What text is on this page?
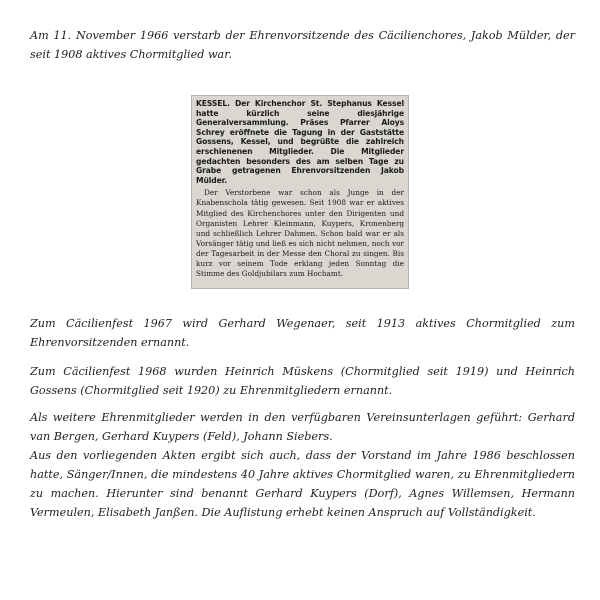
Am 11. November 1966 verstarb der Ehrenvorsitzende des Cäcilienchores, Jakob Mülder, der seit 1908 aktives Chormitglied war.

KESSEL. Der Kirchenchor St. Stephanus Kessel hatte kürzlich seine diesjährige Generalversammlung. Präses Pfarrer Aloys Schrey eröffnete die Tagung in der Gaststätte Gossens, Kessel, und begrüßte die zahlreich erschienenen Mitglieder. Die Mitglieder gedachten besonders des am selben Tage zu Grabe getragenen Ehrenvorsitzenden Jakob Mülder.

Der Verstorbene war schon als Junge in der Knabenschola tätig gewesen. Seit 1908 war er aktives Mitglied des Kirchenchores unter den Dirigenten und Organisten Lehrer Kleinmann, Kuypers, Kronenberg und schließlich Lehrer Dahmen. Schon bald war er als Vorsänger tätig und ließ es sich nicht nehmen, noch vor der Tagesarbeit in der Messe den Choral zu singen. Bis kurz vor seinem Tode erklang jeden Sonntag die Stimme des Goldjubilars zum Hochamt.

Zum Cäcilienfest 1967 wird Gerhard Wegenaer, seit 1913 aktives Chormitglied zum Ehrenvorsitzenden ernannt.

Zum Cäcilienfest 1968 wurden Heinrich Müskens (Chormitglied seit 1919) und Heinrich Gossens (Chormitglied seit 1920) zu Ehrenmitgliedern ernannt.

Als weitere Ehrenmitglieder werden in den verfügbaren Vereinsunterlagen geführt: Gerhard van Bergen, Gerhard Kuypers (Feld), Johann Siebers.

Aus den vorliegenden Akten ergibt sich auch, dass der Vorstand im Jahre 1986 beschlossen hatte, Sänger/Innen, die mindestens 40 Jahre aktives Chormitglied waren, zu Ehrenmitgliedern zu machen. Hierunter sind benannt Gerhard Kuypers (Dorf), Agnes Willemsen, Hermann Vermeulen, Elisabeth Janßen. Die Auflistung erhebt keinen Anspruch auf Vollständigkeit.
